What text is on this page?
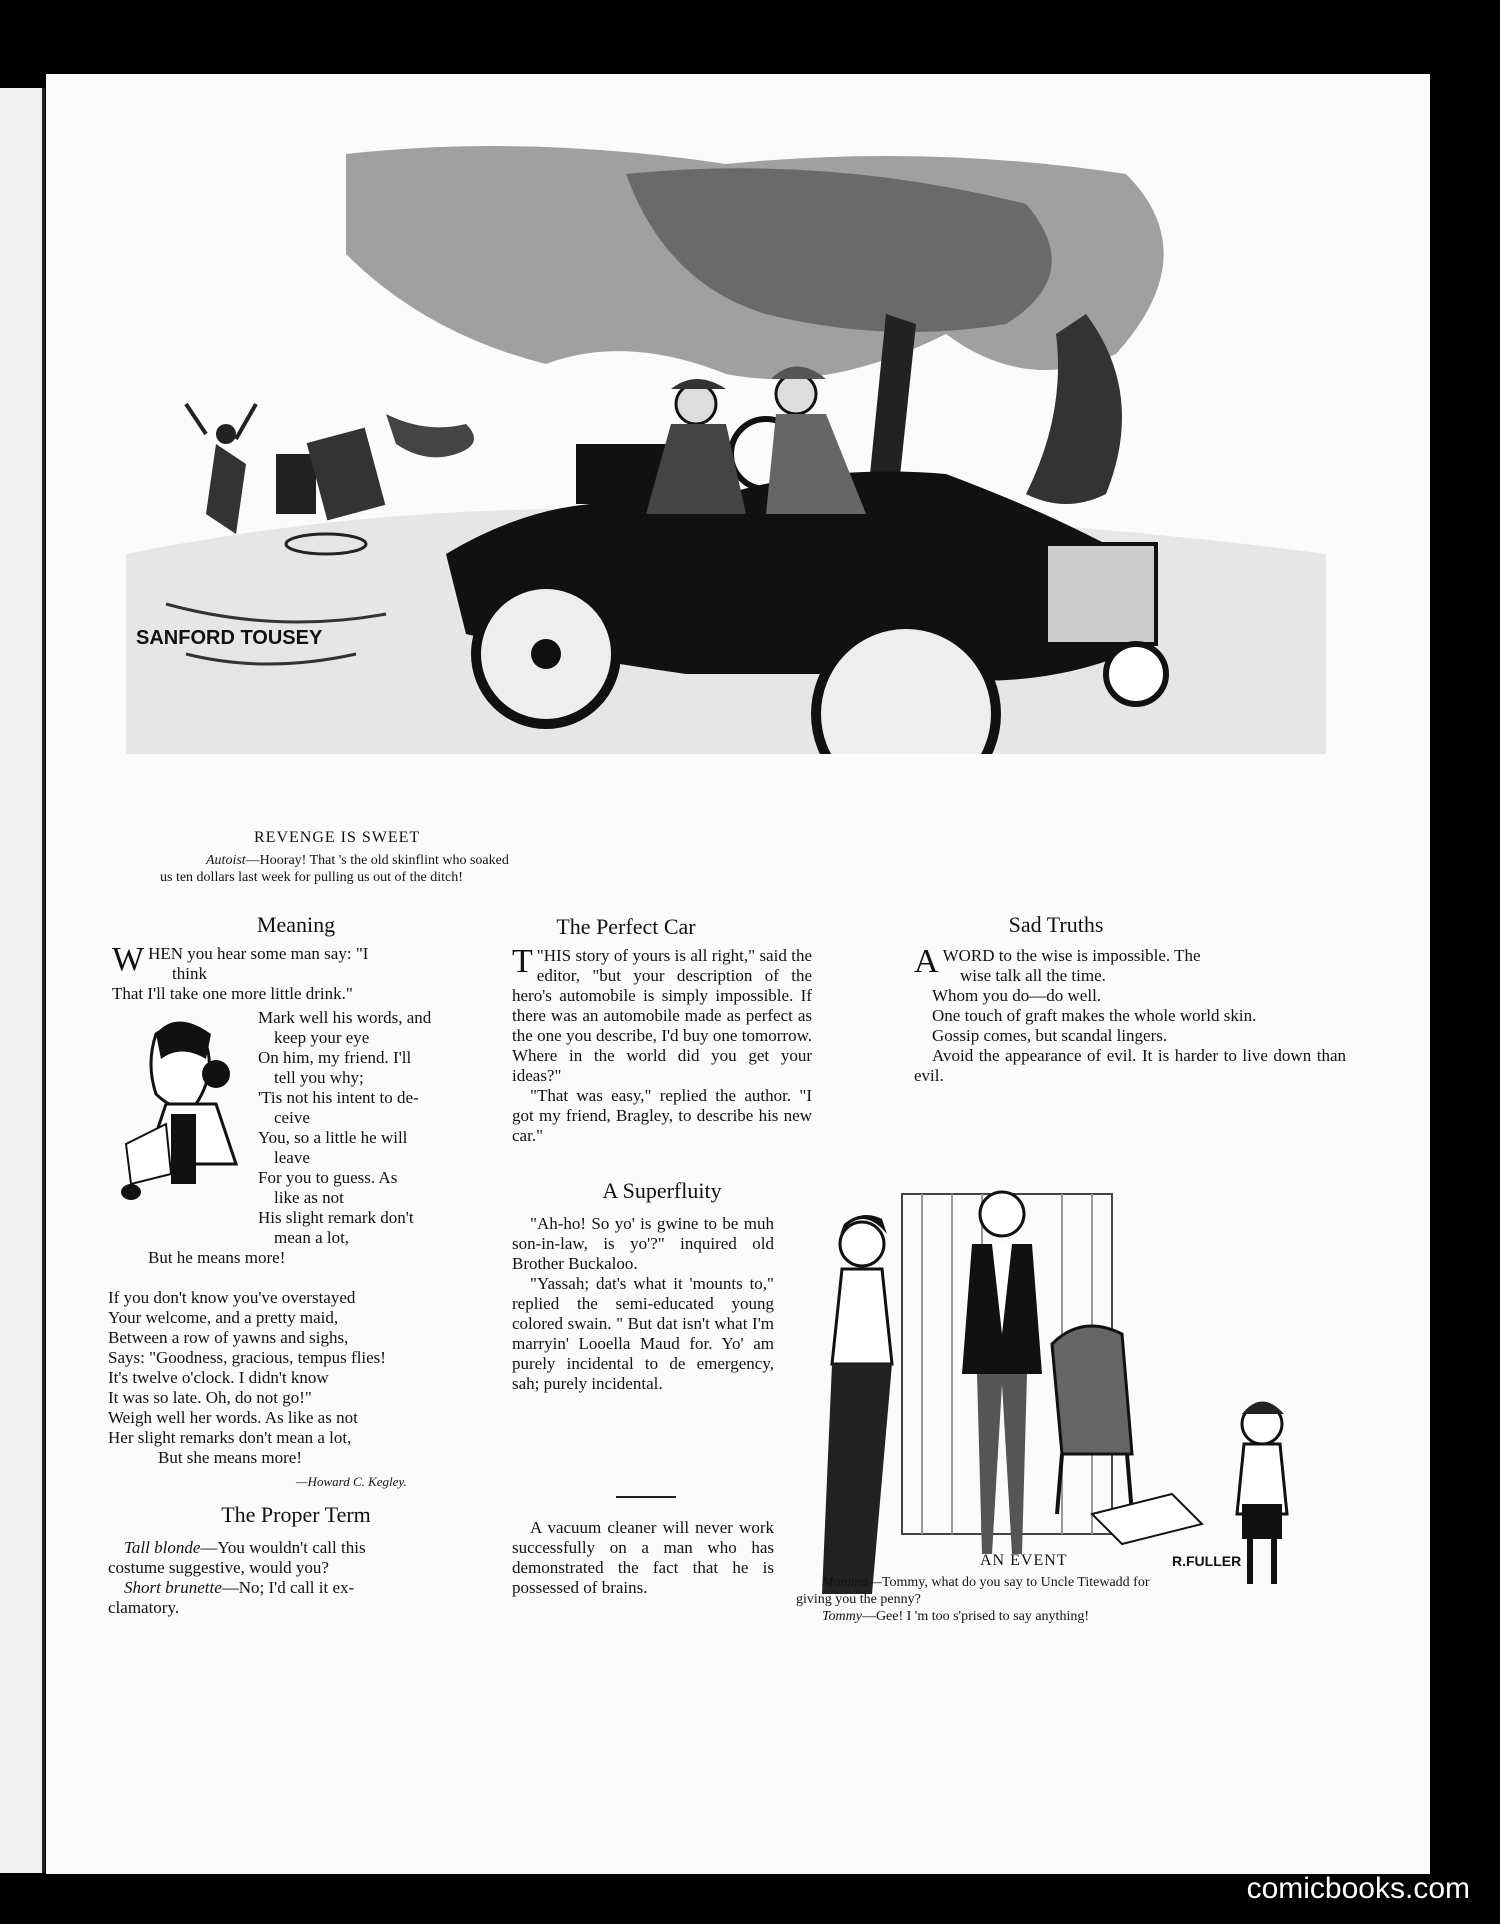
SANFORD TOUSEY
REVENGE IS SWEET
Autoist—Hooray! That 's the old skinflint who soaked
us ten dollars last week for pulling us out of the ditch!
Meaning
W HEN you hear some man say: "I
think
That I'll take one more little drink."
Mark well his words, and
keep your eye
On him, my friend. I'll
tell you why;
'Tis not his intent to de-
ceive
You, so a little he will
leave
For you to guess. As
like as not
His slight remark don't
mean a lot,
But he means more!
If you don't know you've overstayed
Your welcome, and a pretty maid,
Between a row of yawns and sighs,
Says: "Goodness, gracious, tempus flies!
It's twelve o'clock. I didn't know
It was so late. Oh, do not go!"
Weigh well her words. As like as not
Her slight remarks don't mean a lot,
But she means more!
—Howard C. Kegley.
The Proper Term
Tall blonde—You wouldn't call this
costume suggestive, would you?
Short brunette—No; I'd call it ex-
clamatory.
The Perfect Car

"
T HIS story of yours is all right," said the editor, "but your description of the hero's automobile is simply impossible. If there was an automobile made as perfect as the one you describe, I'd buy one tomorrow. Where in the world did you get your ideas?"

"That was easy," replied the author. "I got my friend, Bragley, to describe his new car."

A Superfluity

"Ah-ho! So yo' is gwine to be muh son-in-law, is yo'?" inquired old Brother Buckaloo.

"Yassah; dat's what it 'mounts to," replied the semi-educated young colored swain. " But dat isn't what I'm marryin' Looella Maud for. Yo' am purely incidental to de emergency, sah; purely incidental.

A vacuum cleaner will never work successfully on a man who has demonstrated the fact that he is possessed of brains.

Sad Truths
A WORD to the wise is impossible. The
wise talk all the time.

Whom you do—do well.

One touch of graft makes the whole world skin.

Gossip comes, but scandal lingers.

Avoid the appearance of evil. It is harder to live down than evil.

R.FULLER
AN EVENT
Mamma—Tommy, what do you say to Uncle Titewadd for
giving you the penny?
Tommy—Gee! I 'm too s'prised to say anything!
comicbooks.com
